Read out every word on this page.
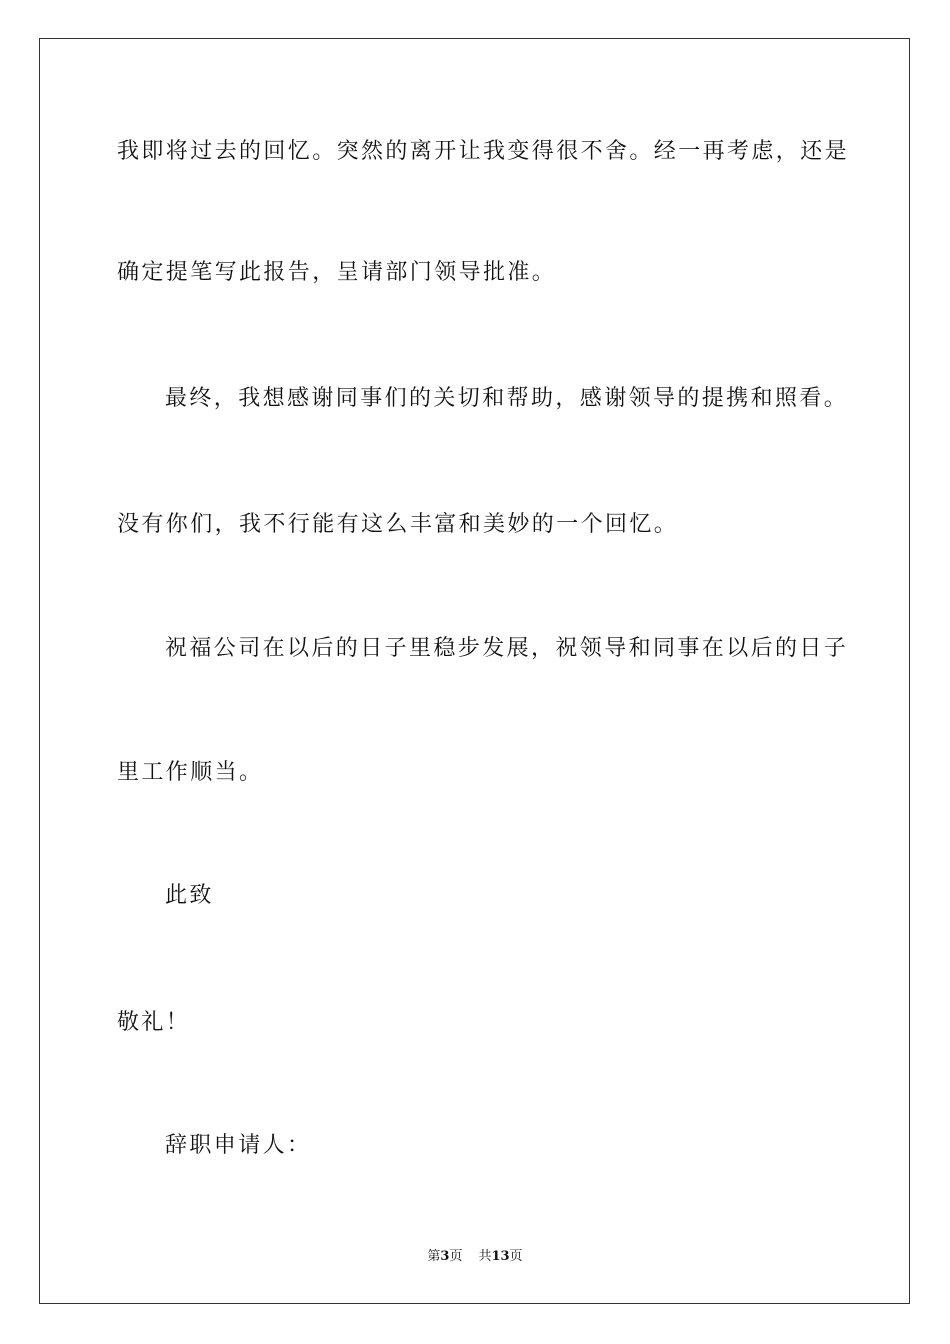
我即将过去的回忆。突然的离开让我变得很不舍。经一再考虑，还是
确定提笔写此报告，呈请部门领导批准。
最终，我想感谢同事们的关切和帮助，感谢领导的提携和照看。
没有你们，我不行能有这么丰富和美妙的一个回忆。
祝福公司在以后的日子里稳步发展，祝领导和同事在以后的日子
里工作顺当。
此致
敬礼！
辞职申请人：
第3页 共13页
